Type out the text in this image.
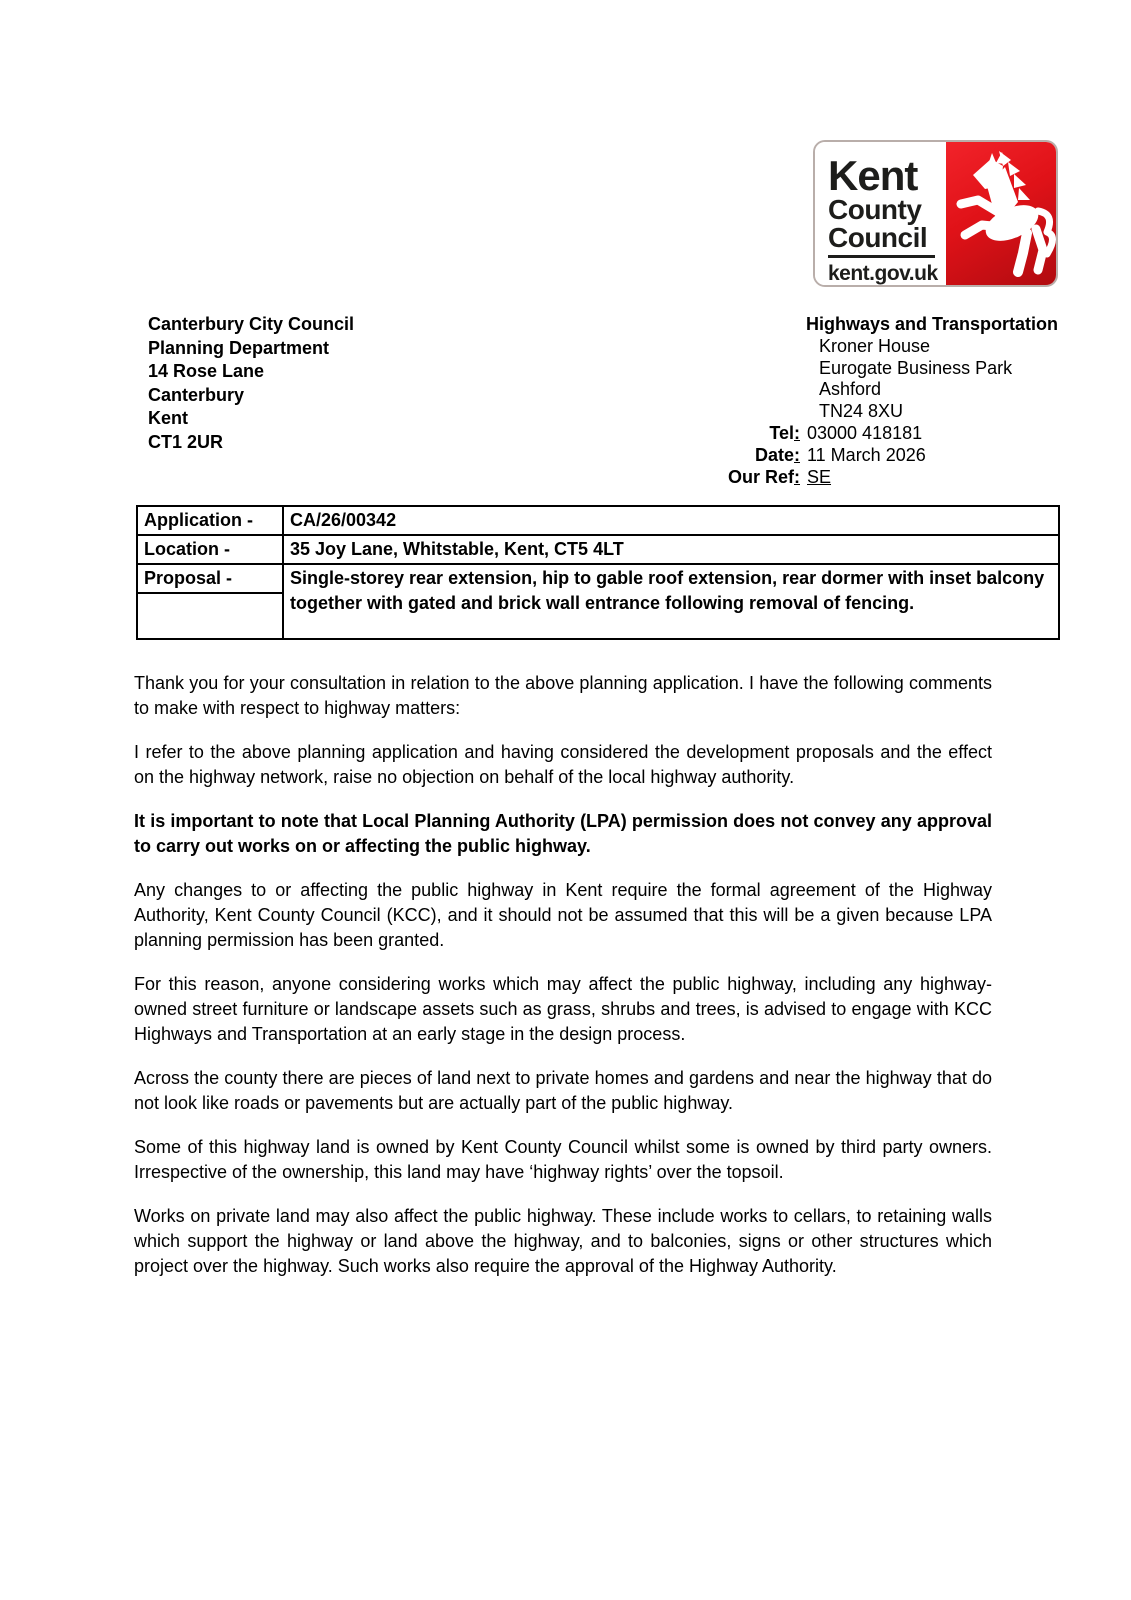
Kent
County
Council
kent.gov.uk
Canterbury City Council
Planning Department
14 Rose Lane
Canterbury
Kent
CT1 2UR
Highways and Transportation
Kroner House
Eurogate Business Park
Ashford
TN24 8XU
Tel: 03000 418181
Date: 11 March 2026
Our Ref: SE
Application -	CA/26/00342
Location -	35 Joy Lane, Whitstable, Kent, CT5 4LT
Proposal -	Single-storey rear extension, hip to gable roof extension, rear dormer with inset balcony together with gated and brick wall entrance following removal of fencing.

Thank you for your consultation in relation to the above planning application. I have the following comments to make with respect to highway matters:

I refer to the above planning application and having considered the development proposals and the effect on the highway network, raise no objection on behalf of the local highway authority.

It is important to note that Local Planning Authority (LPA) permission does not convey any approval to carry out works on or affecting the public highway.

Any changes to or affecting the public highway in Kent require the formal agreement of the Highway Authority, Kent County Council (KCC), and it should not be assumed that this will be a given because LPA planning permission has been granted.

For this reason, anyone considering works which may affect the public highway, including any highway-owned street furniture or landscape assets such as grass, shrubs and trees, is advised to engage with KCC Highways and Transportation at an early stage in the design process.

Across the county there are pieces of land next to private homes and gardens and near the highway that do not look like roads or pavements but are actually part of the public highway.

Some of this highway land is owned by Kent County Council whilst some is owned by third party owners. Irrespective of the ownership, this land may have ‘highway rights’ over the topsoil.

Works on private land may also affect the public highway. These include works to cellars, to retaining walls which support the highway or land above the highway, and to balconies, signs or other structures which project over the highway. Such works also require the approval of the Highway Authority.
